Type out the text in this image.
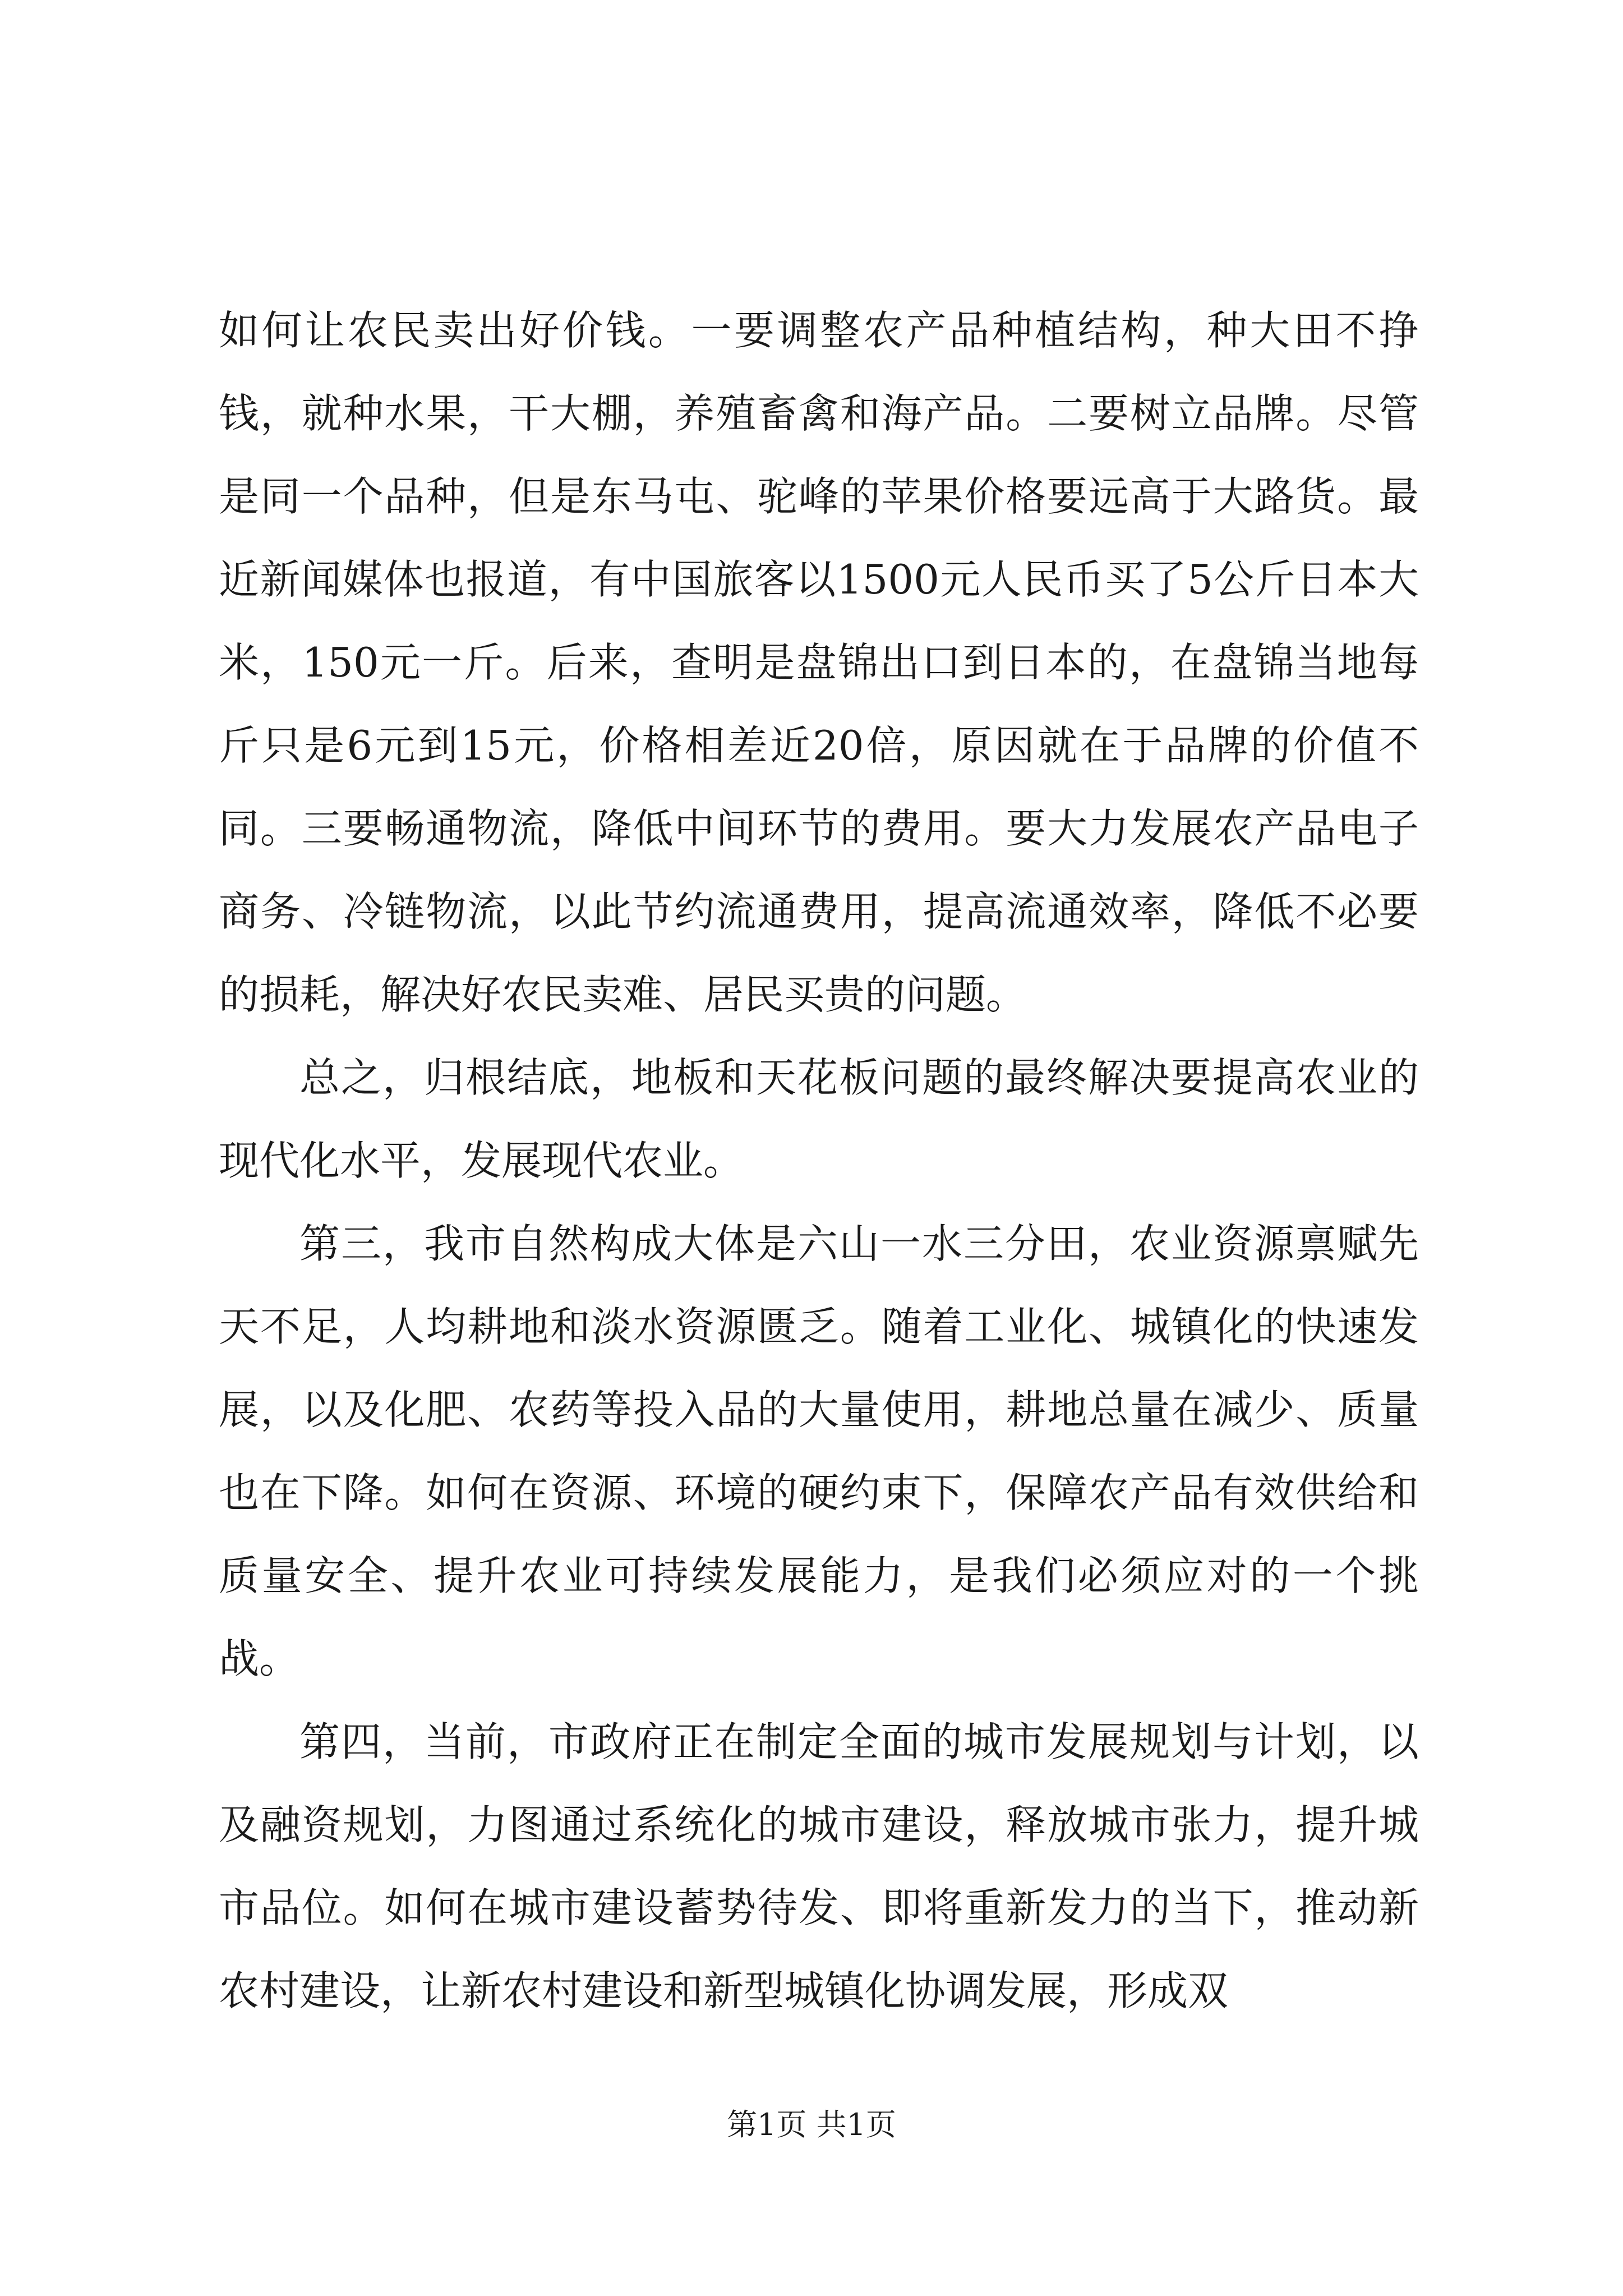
如何让农民卖出好价钱。一要调整农产品种植结构，种大田不挣钱，就种水果，干大棚，养殖畜禽和海产品。二要树立品牌。尽管是同一个品种，但是东马屯、驼峰的苹果价格要远高于大路货。最近新闻媒体也报道，有中国旅客以1500元人民币买了5公斤日本大米，150元一斤。后来，查明是盘锦出口到日本的，在盘锦当地每斤只是6元到15元，价格相差近20倍，原因就在于品牌的价值不同。三要畅通物流，降低中间环节的费用。要大力发展农产品电子商务、冷链物流，以此节约流通费用，提高流通效率，降低不必要的损耗，解决好农民卖难、居民买贵的问题。

总之，归根结底，地板和天花板问题的最终解决要提高农业的现代化水平，发展现代农业。

第三，我市自然构成大体是六山一水三分田，农业资源禀赋先天不足，人均耕地和淡水资源匮乏。随着工业化、城镇化的快速发展，以及化肥、农药等投入品的大量使用，耕地总量在减少、质量也在下降。如何在资源、环境的硬约束下，保障农产品有效供给和质量安全、提升农业可持续发展能力，是我们必须应对的一个挑战。

第四，当前，市政府正在制定全面的城市发展规划与计划，以及融资规划，力图通过系统化的城市建设，释放城市张力，提升城市品位。如何在城市建设蓄势待发、即将重新发力的当下，推动新农村建设，让新农村建设和新型城镇化协调发展，形成双

第1页 共1页
